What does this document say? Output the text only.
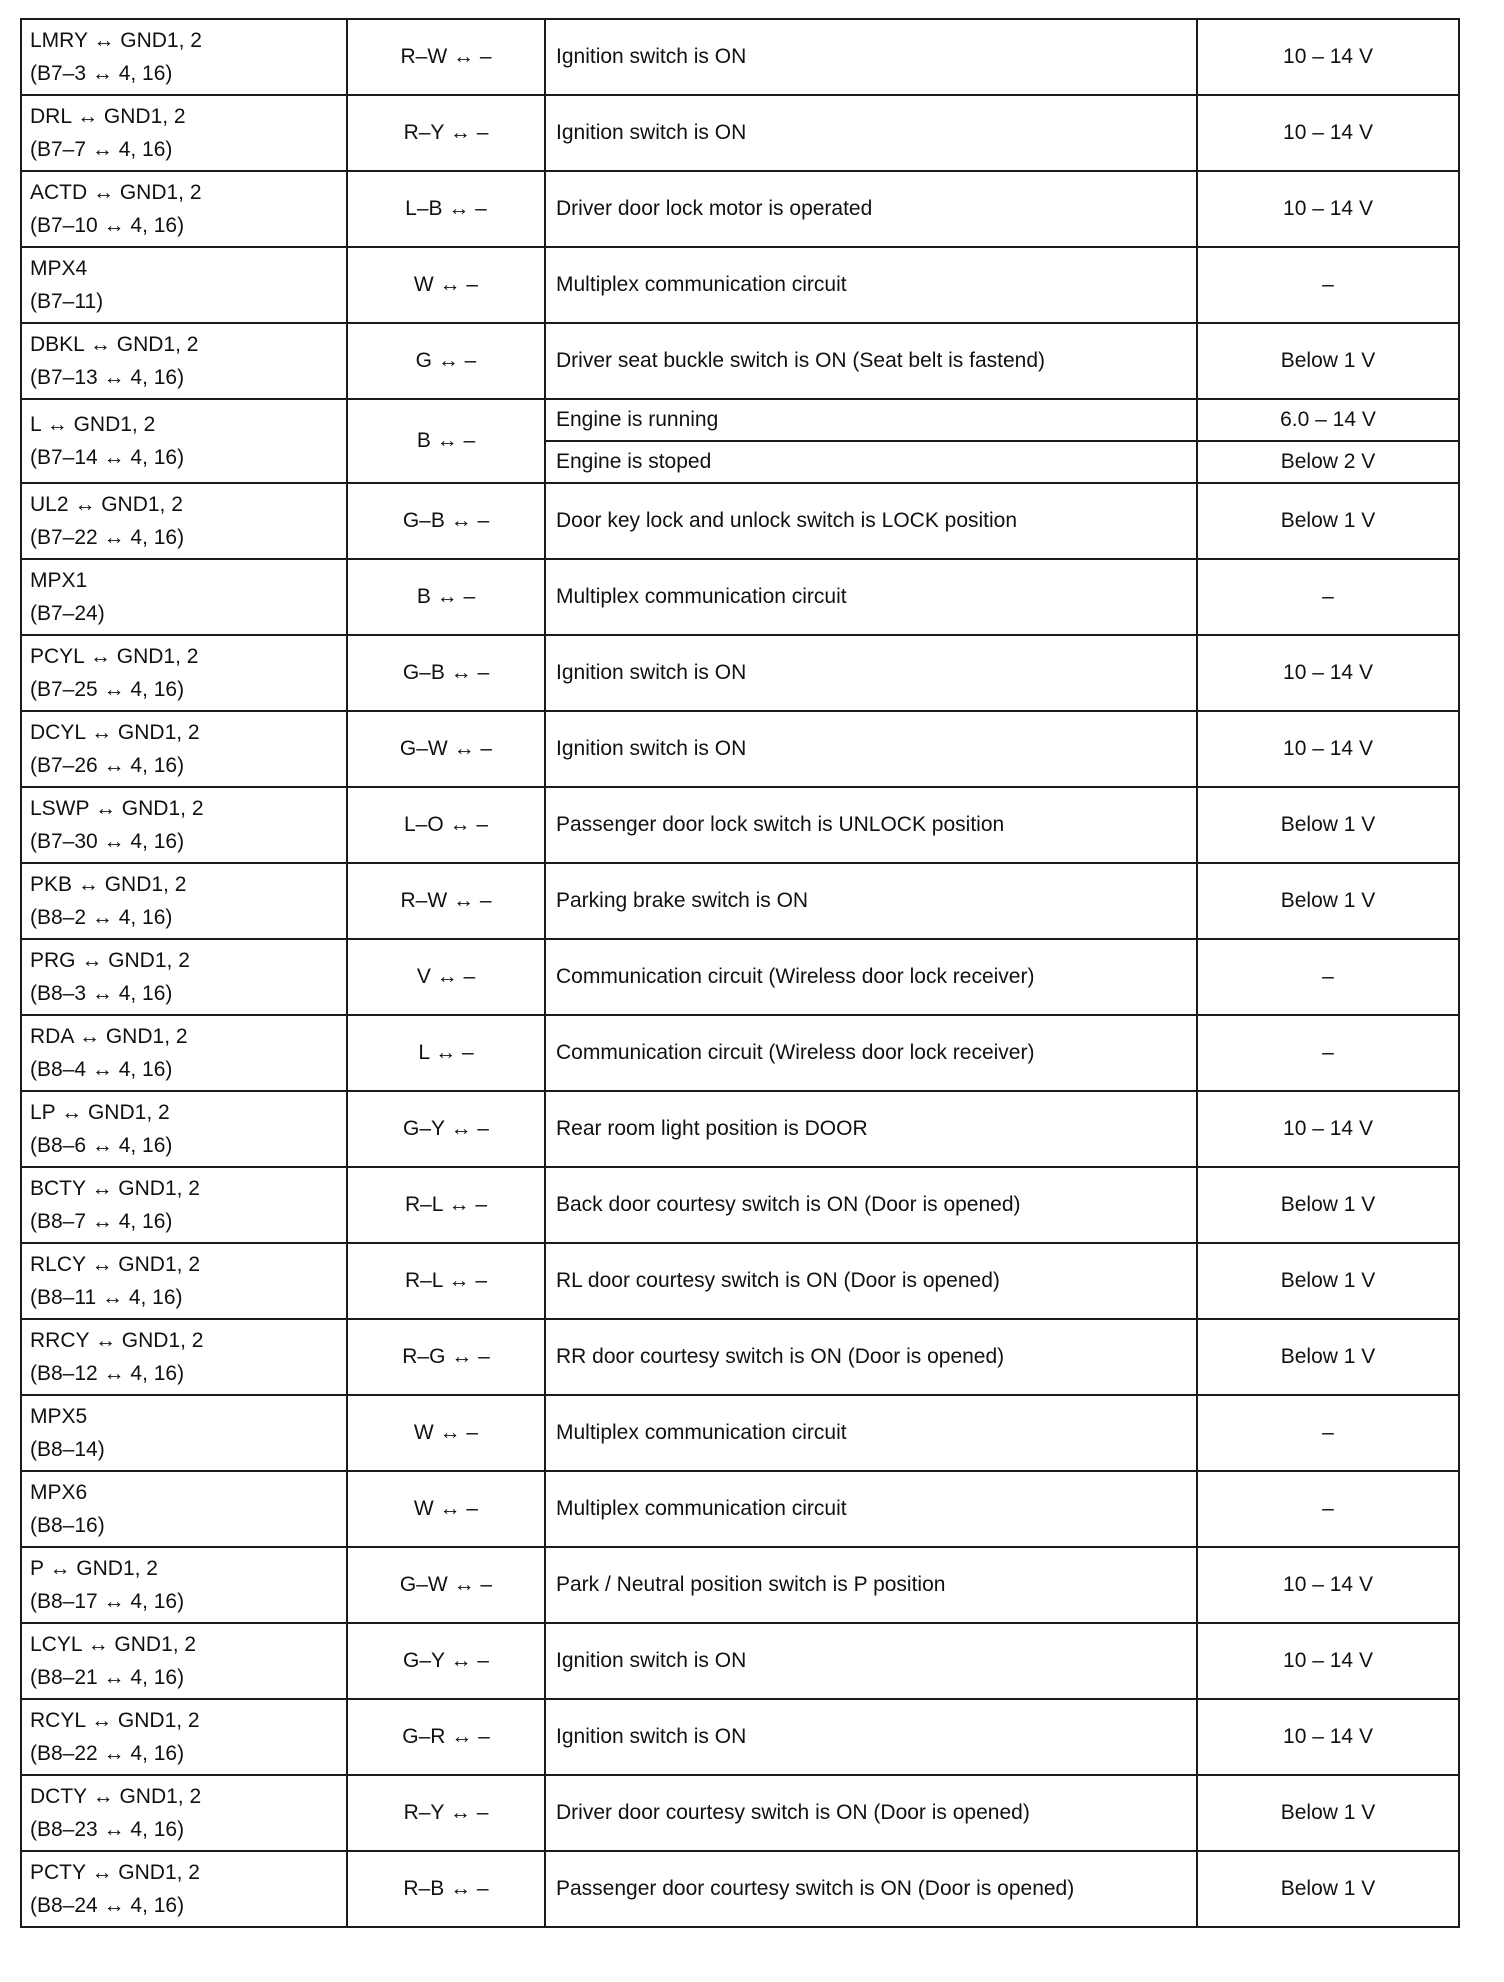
LMRY ↔ GND1, 2
(B7–3 ↔ 4, 16)	R–W ↔ –	Ignition switch is ON	10 – 14 V

DRL ↔ GND1, 2
(B7–7 ↔ 4, 16)	R–Y ↔ –	Ignition switch is ON	10 – 14 V

ACTD ↔ GND1, 2
(B7–10 ↔ 4, 16)	L–B ↔ –	Driver door lock motor is operated	10 – 14 V

MPX4
(B7–11)	W ↔ –	Multiplex communication circuit	–

DBKL ↔ GND1, 2
(B7–13 ↔ 4, 16)	G ↔ –	Driver seat buckle switch is ON (Seat belt is fastend)	Below 1 V

L ↔ GND1, 2
(B7–14 ↔ 4, 16)	B ↔ –	Engine is running	6.0 – 14 V
		Engine is stoped	Below 2 V

UL2 ↔ GND1, 2
(B7–22 ↔ 4, 16)	G–B ↔ –	Door key lock and unlock switch is LOCK position	Below 1 V

MPX1
(B7–24)	B ↔ –	Multiplex communication circuit	–

PCYL ↔ GND1, 2
(B7–25 ↔ 4, 16)	G–B ↔ –	Ignition switch is ON	10 – 14 V

DCYL ↔ GND1, 2
(B7–26 ↔ 4, 16)	G–W ↔ –	Ignition switch is ON	10 – 14 V

LSWP ↔ GND1, 2
(B7–30 ↔ 4, 16)	L–O ↔ –	Passenger door lock switch is UNLOCK position	Below 1 V

PKB ↔ GND1, 2
(B8–2 ↔ 4, 16)	R–W ↔ –	Parking brake switch is ON	Below 1 V

PRG ↔ GND1, 2
(B8–3 ↔ 4, 16)	V ↔ –	Communication circuit (Wireless door lock receiver)	–

RDA ↔ GND1, 2
(B8–4 ↔ 4, 16)	L ↔ –	Communication circuit (Wireless door lock receiver)	–

LP ↔ GND1, 2
(B8–6 ↔ 4, 16)	G–Y ↔ –	Rear room light position is DOOR	10 – 14 V

BCTY ↔ GND1, 2
(B8–7 ↔ 4, 16)	R–L ↔ –	Back door courtesy switch is ON (Door is opened)	Below 1 V

RLCY ↔ GND1, 2
(B8–11 ↔ 4, 16)	R–L ↔ –	RL door courtesy switch is ON (Door is opened)	Below 1 V

RRCY ↔ GND1, 2
(B8–12 ↔ 4, 16)	R–G ↔ –	RR door courtesy switch is ON (Door is opened)	Below 1 V

MPX5
(B8–14)	W ↔ –	Multiplex communication circuit	–

MPX6
(B8–16)	W ↔ –	Multiplex communication circuit	–

P ↔ GND1, 2
(B8–17 ↔ 4, 16)	G–W ↔ –	Park / Neutral position switch is P position	10 – 14 V

LCYL ↔ GND1, 2
(B8–21 ↔ 4, 16)	G–Y ↔ –	Ignition switch is ON	10 – 14 V

RCYL ↔ GND1, 2
(B8–22 ↔ 4, 16)	G–R ↔ –	Ignition switch is ON	10 – 14 V

DCTY ↔ GND1, 2
(B8–23 ↔ 4, 16)	R–Y ↔ –	Driver door courtesy switch is ON (Door is opened)	Below 1 V

PCTY ↔ GND1, 2
(B8–24 ↔ 4, 16)	R–B ↔ –	Passenger door courtesy switch is ON (Door is opened)	Below 1 V
